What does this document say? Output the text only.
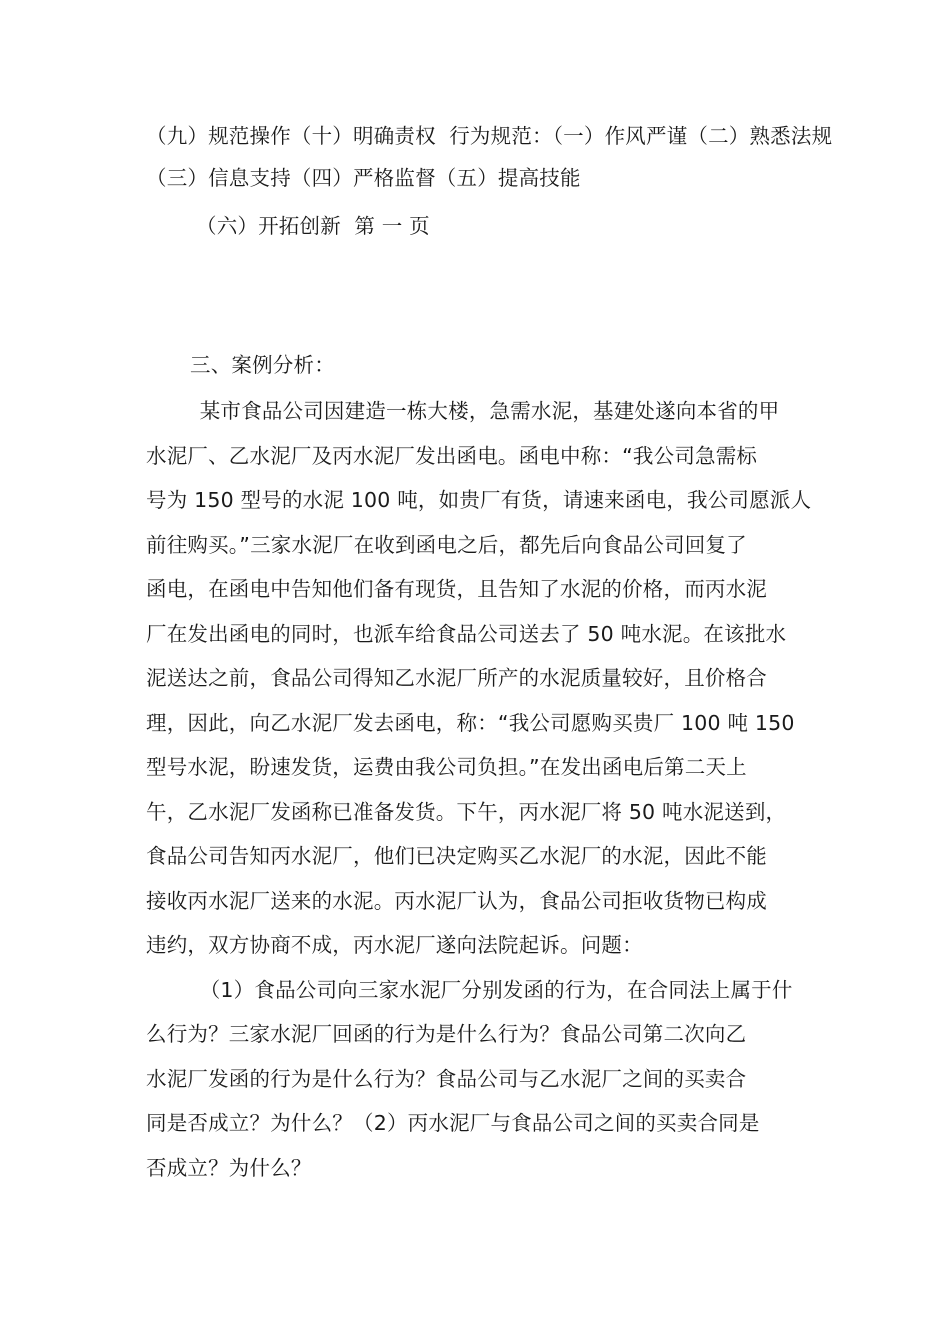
（九）规范操作（十）明确责权  行为规范：（一）作风严谨（二）熟悉法规
（三）信息支持（四）严格监督（五）提高技能
（六）开拓创新  第 一 页
三、案例分析：
某市食品公司因建造一栋大楼，急需水泥，基建处遂向本省的甲
水泥厂、乙水泥厂及丙水泥厂发出函电。函电中称：“我公司急需标
号为 150 型号的水泥 100 吨，如贵厂有货，请速来函电，我公司愿派人
前往购买。”三家水泥厂在收到函电之后，都先后向食品公司回复了
函电，在函电中告知他们备有现货，且告知了水泥的价格，而丙水泥
厂在发出函电的同时，也派车给食品公司送去了 50 吨水泥。在该批水
泥送达之前，食品公司得知乙水泥厂所产的水泥质量较好，且价格合
理，因此，向乙水泥厂发去函电，称：“我公司愿购买贵厂 100 吨 150
型号水泥，盼速发货，运费由我公司负担。”在发出函电后第二天上
午，乙水泥厂发函称已准备发货。下午，丙水泥厂将 50 吨水泥送到，
食品公司告知丙水泥厂，他们已决定购买乙水泥厂的水泥，因此不能
接收丙水泥厂送来的水泥。丙水泥厂认为，食品公司拒收货物已构成
违约，双方协商不成，丙水泥厂遂向法院起诉。问题：
（1）食品公司向三家水泥厂分别发函的行为，在合同法上属于什
么行为？三家水泥厂回函的行为是什么行为？食品公司第二次向乙
水泥厂发函的行为是什么行为？食品公司与乙水泥厂之间的买卖合
同是否成立？为什么？（2）丙水泥厂与食品公司之间的买卖合同是
否成立？为什么？
